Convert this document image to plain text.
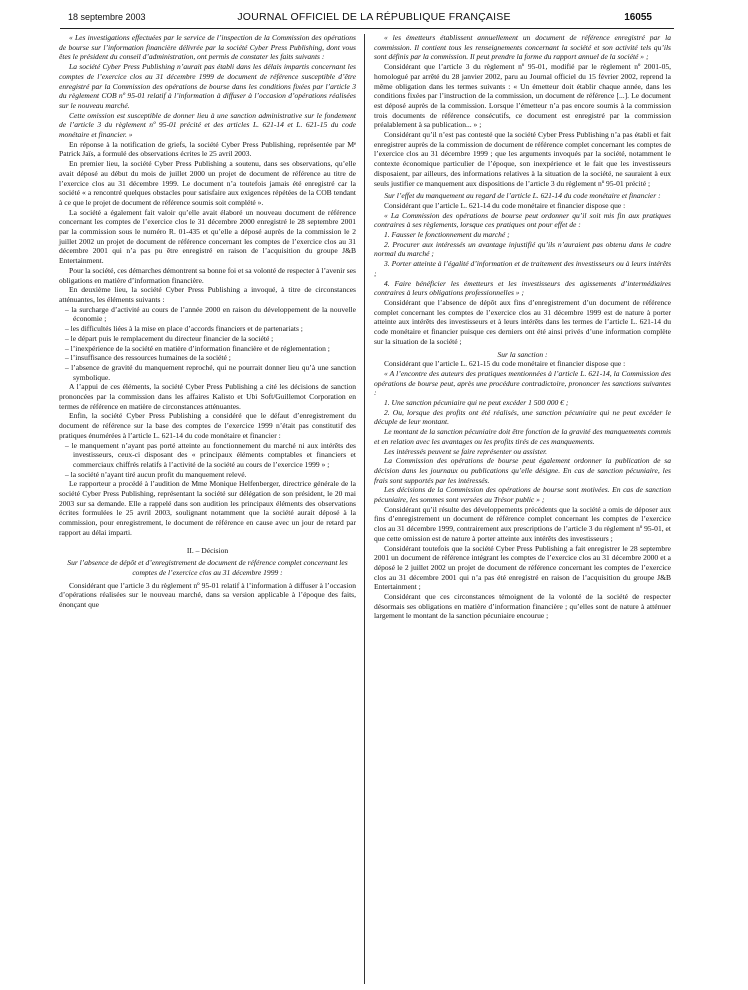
18 septembre 2003	JOURNAL OFFICIEL DE LA RÉPUBLIQUE FRANÇAISE	16055

« Les investigations effectuées par le service de l’inspection de la Commission des opérations de bourse sur l’information financière délivrée par la société Cyber Press Publishing, dont vous êtes le président du conseil d’administration, ont permis de constater les faits suivants :

La société Cyber Press Publishing n’aurait pas établi dans les délais impartis concernant les comptes de l’exercice clos au 31 décembre 1999 de document de référence susceptible d’être enregistré par la Commission des opérations de bourse dans les conditions fixées par l’article 3 du règlement COB nº 95-01 relatif à l’information à diffuser à l’occasion d’opérations réalisées sur le nouveau marché.

Cette omission est susceptible de donner lieu à une sanction administrative sur le fondement de l’article 3 du règlement nº 95-01 précité et des articles L. 621-14 et L. 621-15 du code monétaire et financier. »

En réponse à la notification de griefs, la société Cyber Press Publishing, représentée par Mᵉ Patrick Jaïs, a formulé des observations écrites le 25 avril 2003.

En premier lieu, la société Cyber Press Publishing a soutenu, dans ses observations, qu’elle avait déposé au début du mois de juillet 2000 un projet de document de référence au titre de l’exercice clos au 31 décembre 1999. Le document n’a toutefois jamais été enregistré car la société « a rencontré quelques obstacles pour satisfaire aux exigences répétées de la COB tendant à ce que le projet de document de référence soumis soit complété ».

La société a également fait valoir qu’elle avait élaboré un nouveau document de référence concernant les comptes de l’exercice clos le 31 décembre 2000 enregistré le 28 septembre 2001 par la commission sous le numéro R. 01-435 et qu’elle a déposé auprès de la commission le 2 juillet 2002 un projet de document de référence concernant les comptes de l’exercice clos au 31 décembre 2001 qui n’a pas pu être enregistré en raison de l’acquisition du groupe J&B Entertainment.

Pour la société, ces démarches démontrent sa bonne foi et sa volonté de respecter à l’avenir ses obligations en matière d’information financière.

En deuxième lieu, la société Cyber Press Publishing a invoqué, à titre de circonstances atténuantes, les éléments suivants :

– la surcharge d’activité au cours de l’année 2000 en raison du développement de la nouvelle économie ;
– les difficultés liées à la mise en place d’accords financiers et de partenariats ;
– le départ puis le remplacement du directeur financier de la société ;
– l’inexpérience de la société en matière d’information financière et de réglementation ;
– l’insuffisance des ressources humaines de la société ;
– l’absence de gravité du manquement reproché, qui ne pourrait donner lieu qu’à une sanction symbolique.

A l’appui de ces éléments, la société Cyber Press Publishing a cité les décisions de sanction prononcées par la commission dans les affaires Kalisto et Ubi Soft/Guillemot Corporation en termes de référence en matière de circonstances atténuantes.

Enfin, la société Cyber Press Publishing a considéré que le défaut d’enregistrement du document de référence sur la base des comptes de l’exercice 1999 n’était pas constitutif des pratiques énumérées à l’article L. 621-14 du code monétaire et financier :

– le manquement n’ayant pas porté atteinte au fonctionnement du marché ni aux intérêts des investisseurs, ceux-ci disposant des « principaux éléments comptables et financiers et commerciaux chiffrés relatifs à l’activité de la société au cours de l’exercice 1999 » ;
– la société n’ayant tiré aucun profit du manquement relevé.

Le rapporteur a procédé à l’audition de Mme Monique Helfenberger, directrice générale de la société Cyber Press Publishing, représentant la société sur délégation de son président, le 20 mai 2003 sur sa demande. Elle a rappelé dans son audition les principaux éléments des observations écrites formulées le 25 avril 2003, soulignant notamment que la société aurait déposé à la commission, pour enregistrement, le document de référence en cause avec un jour de retard par rapport au délai imparti.

II. – Décision

Sur l’absence de dépôt et d’enregistrement de document de référence complet concernant les comptes de l’exercice clos au 31 décembre 1999 :

Considérant que l’article 3 du règlement nº 95-01 relatif à l’information à diffuser à l’occasion d’opérations réalisées sur le nouveau marché, dans sa version applicable à l’époque des faits, énonçant que

« les émetteurs établissent annuellement un document de référence enregistré par la commission. Il contient tous les renseignements concernant la société et son activité tels qu’ils sont définis par la commission. Il peut prendre la forme du rapport annuel de la société » ;

Considérant que l’article 3 du règlement nº 95-01, modifié par le règlement nº 2001-05, homologué par arrêté du 28 janvier 2002, paru au Journal officiel du 15 février 2002, reprend la même obligation dans les termes suivants : « Un émetteur doit établir chaque année, dans les conditions fixées par l’instruction de la commission, un document de référence [...]. Le document est déposé auprès de la commission. Lorsque l’émetteur n’a pas encore soumis à la commission trois documents de référence consécutifs, ce document est enregistré par la commission préalablement à sa publication... » ;

Considérant qu’il n’est pas contesté que la société Cyber Press Publishing n’a pas établi et fait enregistrer auprès de la commission de document de référence complet concernant les comptes de l’exercice clos au 31 décembre 1999 ; que les arguments invoqués par la société, notamment le contexte économique particulier de l’époque, son inexpérience et le fait que les investisseurs disposaient, par ailleurs, des informations relatives à la situation de la société, ne sauraient à eux seuls justifier ce manquement aux dispositions de l’article 3 du règlement nº 95-01 précité ;

Sur l’effet du manquement au regard de l’article L. 621-14 du code monétaire et financier :

Considérant que l’article L. 621-14 du code monétaire et financier dispose que :

« La Commission des opérations de bourse peut ordonner qu’il soit mis fin aux pratiques contraires à ses règlements, lorsque ces pratiques ont pour effet de :

1. Fausser le fonctionnement du marché ;

2. Procurer aux intéressés un avantage injustifié qu’ils n’auraient pas obtenu dans le cadre normal du marché ;

3. Porter atteinte à l’égalité d’information et de traitement des investisseurs ou à leurs intérêts ;

4. Faire bénéficier les émetteurs et les investisseurs des agissements d’intermédiaires contraires à leurs obligations professionnelles » ;

Considérant que l’absence de dépôt aux fins d’enregistrement d’un document de référence complet concernant les comptes de l’exercice clos au 31 décembre 1999 est de nature à porter atteinte aux intérêts des investisseurs et à leurs intérêts dans les termes de l’article L. 621-14 du code monétaire et financier puisque ces derniers ont été ainsi privés d’une information complète sur la situation de la société ;

Sur la sanction :

Considérant que l’article L. 621-15 du code monétaire et financier dispose que :

« A l’encontre des auteurs des pratiques mentionnées à l’article L. 621-14, la Commission des opérations de bourse peut, après une procédure contradictoire, prononcer les sanctions suivantes :

1. Une sanction pécuniaire qui ne peut excéder 1 500 000 € ;

2. Ou, lorsque des profits ont été réalisés, une sanction pécuniaire qui ne peut excéder le décuple de leur montant.

Le montant de la sanction pécuniaire doit être fonction de la gravité des manquements commis et en relation avec les avantages ou les profits tirés de ces manquements.

Les intéressés peuvent se faire représenter ou assister.

La Commission des opérations de bourse peut également ordonner la publication de sa décision dans les journaux ou publications qu’elle désigne. En cas de sanction pécuniaire, les frais sont supportés par les intéressés.

Les décisions de la Commission des opérations de bourse sont motivées. En cas de sanction pécuniaire, les sommes sont versées au Trésor public » ;

Considérant qu’il résulte des développements précédents que la société a omis de déposer aux fins d’enregistrement un document de référence complet concernant les comptes de l’exercice clos au 31 décembre 1999, contrairement aux prescriptions de l’article 3 du règlement nº 95-01, et que cette omission est de nature à porter atteinte aux intérêts des investisseurs ;

Considérant toutefois que la société Cyber Press Publishing a fait enregistrer le 28 septembre 2001 un document de référence intégrant les comptes de l’exercice clos au 31 décembre 2000 et a déposé le 2 juillet 2002 un projet de document de référence concernant les comptes de l’exercice clos au 31 décembre 2001 qui n’a pas été enregistré en raison de l’acquisition du groupe J&B Entertainment ;

Considérant que ces circonstances témoignent de la volonté de la société de respecter désormais ses obligations en matière d’information financière ; qu’elles sont de nature à atténuer largement le montant de la sanction pécuniaire encourue ;
